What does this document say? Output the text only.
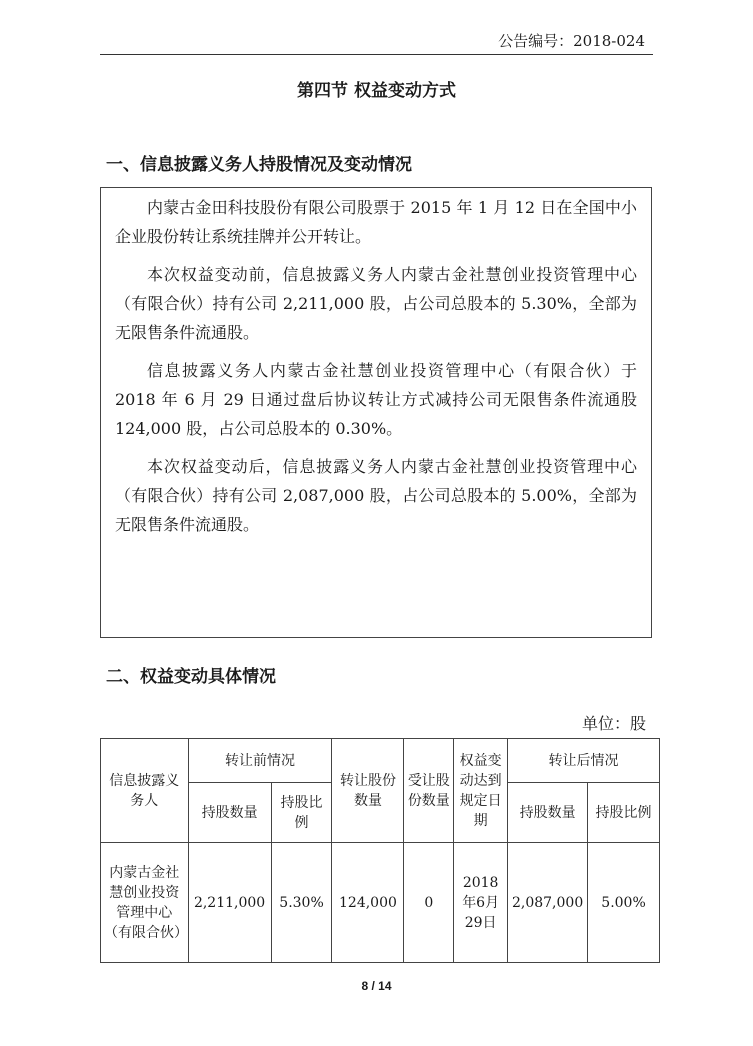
公告编号：2018-024
第四节 权益变动方式
一、信息披露义务人持股情况及变动情况

内蒙古金田科技股份有限公司股票于 2015 年 1 月 12 日在全国中小企业股份转让系统挂牌并公开转让。

本次权益变动前，信息披露义务人内蒙古金社慧创业投资管理中心（有限合伙）持有公司 2,211,000 股，占公司总股本的 5.30%，全部为无限售条件流通股。

信息披露义务人内蒙古金社慧创业投资管理中心（有限合伙）于 2018 年 6 月 29 日通过盘后协议转让方式减持公司无限售条件流通股 124,000 股，占公司总股本的 0.30%。

本次权益变动后，信息披露义务人内蒙古金社慧创业投资管理中心（有限合伙）持有公司 2,087,000 股，占公司总股本的 5.00%，全部为无限售条件流通股。

二、权益变动具体情况
单位：股
信息披露义务人	转让前情况		转让股份数量	受让股份数量	权益变动达到规定日期	转让后情况	
	持股数量	持股比例				持股数量	持股比例
内蒙古金社慧创业投资管理中心（有限合伙）	2,211,000	5.30%	124,000	0	2018年6月29日	2,087,000	5.00%
8 / 14
